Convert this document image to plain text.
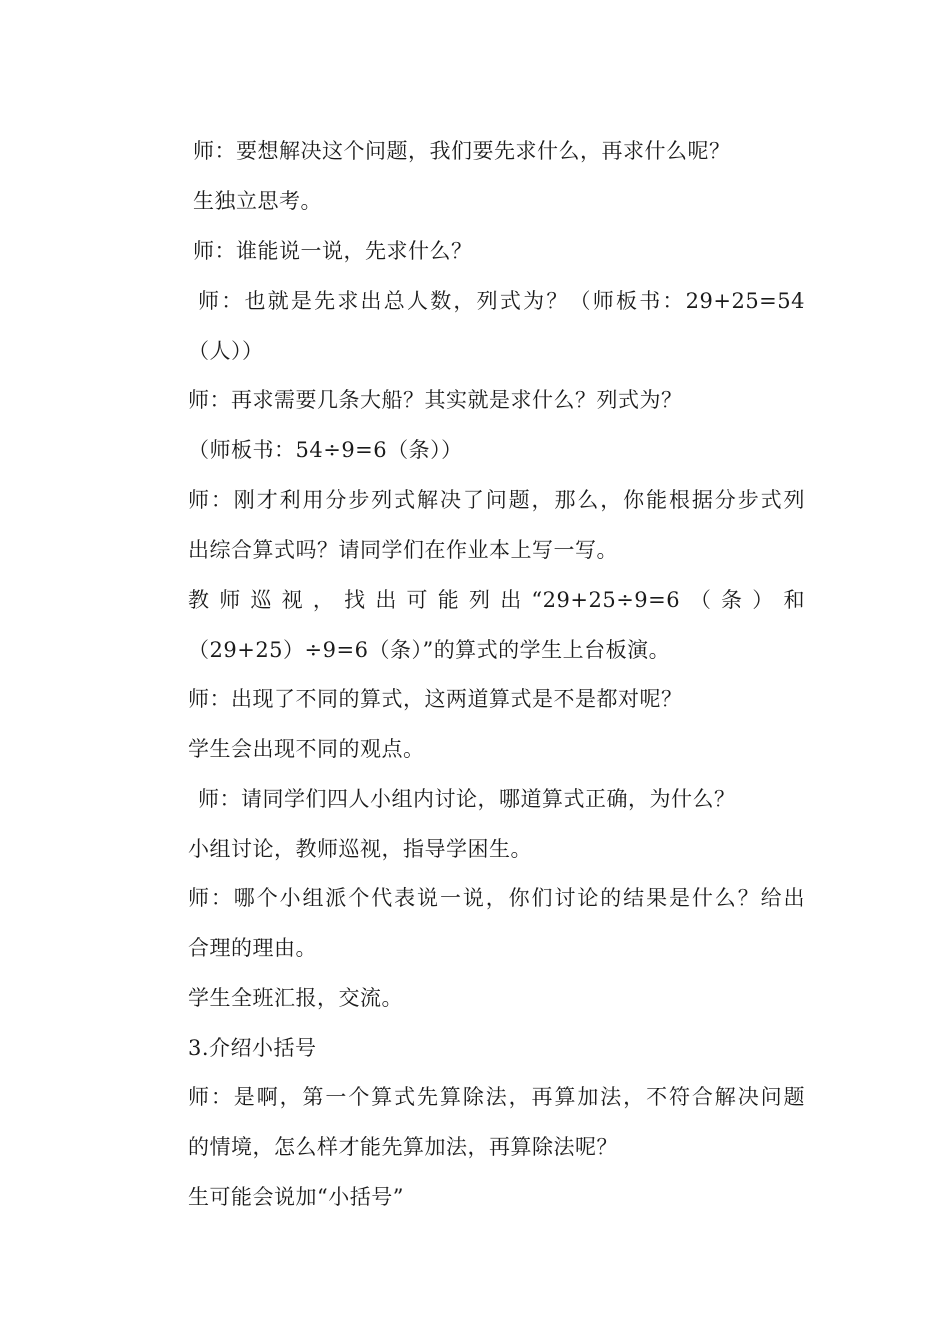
师：要想解决这个问题，我们要先求什么，再求什么呢？
生独立思考。
师：谁能说一说，先求什么？
师：也就是先求出总人数，列式为？（师板书：29+25=54
（人））
师：再求需要几条大船？其实就是求什么？列式为？
（师板书：54÷9=6（条））
师：刚才利用分步列式解决了问题，那么，你能根据分步式列
出综合算式吗？请同学们在作业本上写一写。
教师巡视，找出可能列出“29+25÷9=6（条）和
（29+25）÷9=6（条）”的算式的学生上台板演。
师：出现了不同的算式，这两道算式是不是都对呢？
学生会出现不同的观点。
师：请同学们四人小组内讨论，哪道算式正确，为什么？
小组讨论，教师巡视，指导学困生。
师：哪个小组派个代表说一说，你们讨论的结果是什么？给出
合理的理由。
学生全班汇报，交流。
3.介绍小括号
师：是啊，第一个算式先算除法，再算加法，不符合解决问题
的情境，怎么样才能先算加法，再算除法呢？
生可能会说加“小括号”
